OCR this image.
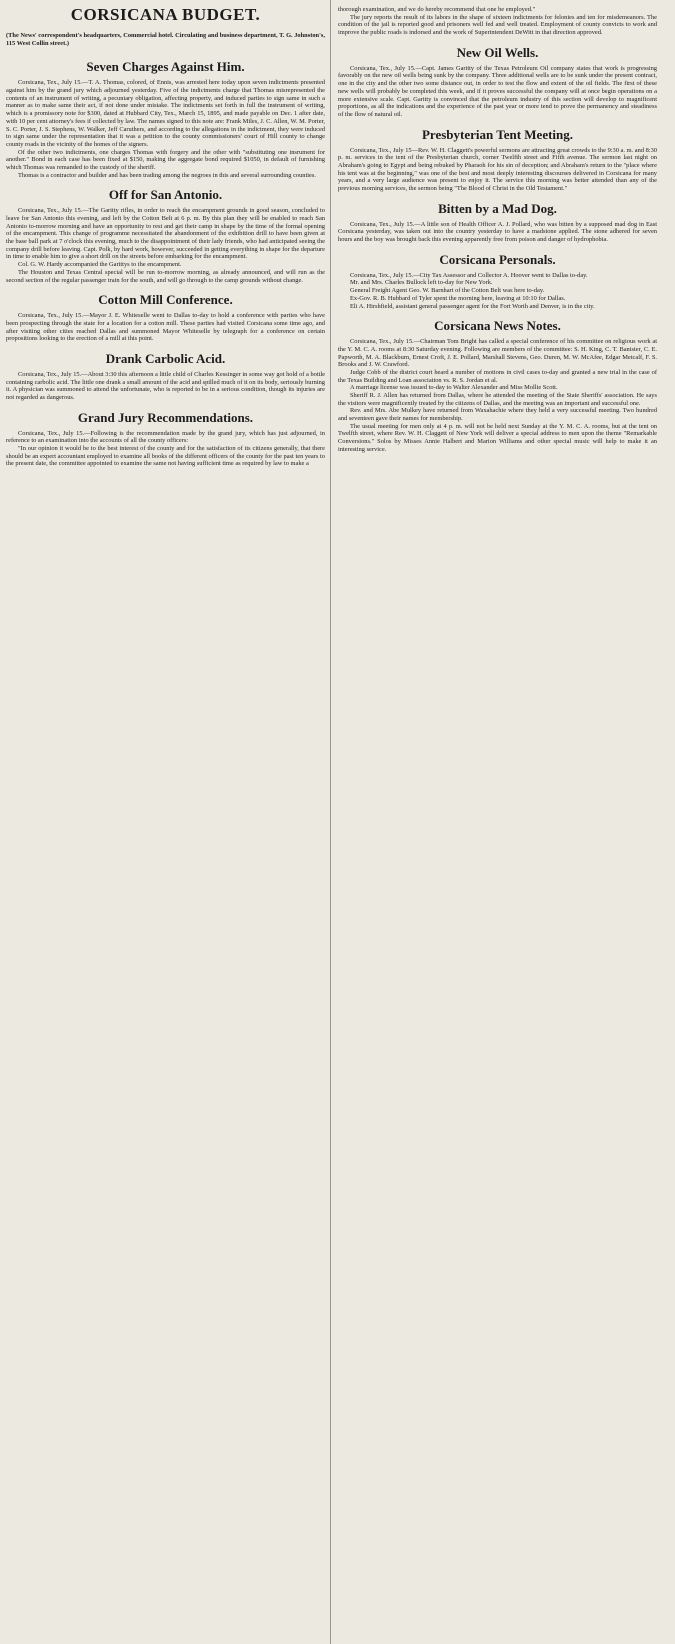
CORSICANA BUDGET.
(The News' correspondent's headquarters, Commercial hotel. Circulating and business department, T. G. Johnston's, 115 West Collin street.)
Seven Charges Against Him.

Corsicana, Tex., July 15.—T. A. Thomas, colored, of Ennis, was arrested here today upon seven indictments presented against him by the grand jury which adjourned yesterday. Five of the indictments charge that Thomas misrepresented the contents of an instrument of writing, a pecuniary obligation, affecting property, and induced parties to sign same in such a manner as to make same their act, if not done under mistake. The indictments set forth in full the instrument of writing, which is a promissory note for $300, dated at Hubbard City, Tex., March 15, 1895, and made payable on Dec. 1 after date, with 10 per cent attorney's fees if collected by law. The names signed to this note are: Frank Miles, J. C. Allen, W. M. Porter, S. C. Porter, J. S. Stephens, W. Walker, Jeff Caruthers, and according to the allegations in the indictment, they were induced to sign same under the representation that it was a petition to the county commissioners' court of Hill county to change county roads in the vicinity of the homes of the signers.

Of the other two indictments, one charges Thomas with forgery and the other with "substituting one insrument for another." Bond in each case has been fixed at $150, making the aggregate bond required $1050, in default of furnishing which Thomas was remanded to the custody of the sheriff.

Thomas is a contractor and builder and has been trading among the negroes in this and several surrounding counties.

Off for San Antonio.

Corsicana, Tex., July 15.—The Garitty rifles, in order to reach the encampment grounds in good season, concluded to leave for San Antonio this evening, and left by the Cotton Belt at 6 p. m. By this plan they will be enabled to reach San Antonio to-morrow morning and have an opportunity to rest and get their camp in shape by the time of the formal opening of the encampment. This change of programme necessitated the abandonment of the exhibition drill to have been given at the base ball park at 7 o'clock this evening, much to the disappointment of their lady friends, who had anticipated seeing the company drill before leaving. Capt. Polk, by hard work, however, succeeded in getting everything in shape for the departure in time to enable him to give a short drill on the streets before embarking for the encampment.

Col. G. W. Hardy accompanied the Garittys to the encampment.

The Houston and Texas Central special will be run to-morrow morning, as already announced, and will run as the second section of the regular passenger train for the south, and will go through to the camp grounds without change.

Cotton Mill Conference.

Corsicana, Tex., July 15.—Mayor J. E. Whiteselle went to Dallas to-day to hold a conference with parties who have been prospecting through the state for a location for a cotton mill. These parties had visited Corsicana some time ago, and after visiting other cities reached Dallas and summoned Mayor Whiteselle by telegraph for a conference on certain propositions looking to the erection of a mill at this point.

Drank Carbolic Acid.

Corsicana, Tex., July 15.—About 3:30 this afternoon a little child of Charles Kessinger in some way got hold of a bottle containing carbolic acid. The little one drank a small amount of the acid and spilled much of it on its body, seriously burning it. A physician was summoned to attend the unfortunate, who is reported to be in a serious condition, though its injuries are not regarded as dangerous.

Grand Jury Recommendations.

Corsicana, Tex., July 15.—Following is the recommendation made by the grand jury, which has just adjourned, in reference to an examination into the accounts of all the county officers:

"In our opinion it would be to the best interest of the county and for the satisfaction of its citizens generally, that there should be an expert accountant employed to examine all books of the different officers of the county for the past ten years to the present date, the committee appointed to examine the same not having sufficient time as required by law to make a

thorough examination, and we do hereby recommend that one be employed."

The jury reports the result of its labors in the shape of sixteen indictments for felonies and ten for misdemeanors. The condition of the jail is reported good and prisoners well fed and well treated. Employment of county convicts to work and improve the public roads is indorsed and the work of Superintendent DeWitt in that direction approved.

New Oil Wells.

Corsicana, Tex., July 15.—Capt. James Garitty of the Texas Petroleum Oil company states that work is progressing favorably on the new oil wells being sunk by the company. Three additional wells are to be sunk under the present contract, one in the city and the other two some distance out, in order to test the flow and extent of the oil fields. The first of these new wells will probably be completed this week, and if it proves successful the company will at once begin operations on a more extensive scale. Capt. Garitty is convinced that the petroleum industry of this section will develop to magnificent proportions, as all the indications and the experience of the past year or more tend to prove the permanency and steadiness of the flow of natural oil.

Presbyterian Tent Meeting.

Corsicana, Tex., July 15—Rev. W. H. Claggett's powerful sermons are attracting great crowds to the 9:30 a. m. and 8:30 p. m. services in the tent of the Presbyterian church, corner Twelfth street and Fifth avenue. The sermon last night on Abraham's going to Egypt and being rebuked by Pharaoh for his sin of deception; and Abraham's return to the "place where his tent was at the beginning," was one of the best and most deeply interesting discourses delivered in Corsicana for many years, and a very large audience was present to enjoy it. The service this morning was better attended than any of the previous morning services, the sermon being "The Blood of Christ in the Old Testament."

Bitten by a Mad Dog.

Corsicana, Tex., July 15.—A little son of Health Officer A. J. Pollard, who was bitten by a supposed mad dog in East Corsicana yesterday, was taken out into the country yesterday to have a madstone applied. The stone adhered for seven hours and the boy was brought back this evening apparently free from poison and danger of hydrophobia.

Corsicana Personals.

Corsicana, Tex., July 15.—City Tax Assessor and Collector A. Hoover went to Dallas to-day.

Mr. and Mrs. Charles Bullock left to-day for New York.

General Freight Agent Geo. W. Barnhart of the Cotton Belt was here to-day.

Ex-Gov. R. B. Hubbard of Tyler spent the morning here, leaving at 10:10 for Dallas.

Eli A. Hirshfield, assistant general passenger agent for the Fort Worth and Denver, is in the city.

Corsicana News Notes.

Corsicana, Tex., July 15.—Chairman Tom Bright has called a special conference of his committee on religious work at the Y. M. C. A. rooms at 8:30 Saturday evening. Following are members of the committee: S. H. King, C. T. Banister, C. E. Papworth, M. A. Blackburn, Ernest Croft, J. E. Pollard, Marshall Stevens, Geo. Duren, M. W. McAfee, Edgar Metcalf, F. S. Brooks and J. W. Crawford.

Judge Cobb of the district court heard a number of motions in civil cases to-day and granted a new trial in the case of the Texas Building and Loan association vs. R. S. Jordan et al.

A marriage license was issued to-day to Walter Alexander and Miss Mollie Scott.

Sheriff R. J. Allen has returned from Dallas, where he attended the meeting of the State Sheriffs' association. He says the visitors were magnificently treated by the citizens of Dallas, and the meeting was an important and successful one.

Rev. and Mrs. Abe Mulkey have returned from Waxahachie where they held a very successful meeting. Two hundred and seventeen gave their names for membership.

The usual meeting for men only at 4 p. m. will not be held next Sunday at the Y. M. C. A. rooms, but at the tent on Twelfth street, where Rev. W. H. Claggett of New York will deliver a special address to men upon the theme "Remarkable Conversions." Solos by Misses Annie Halbert and Marion Williams and other special music will help to make it an interesting service.
